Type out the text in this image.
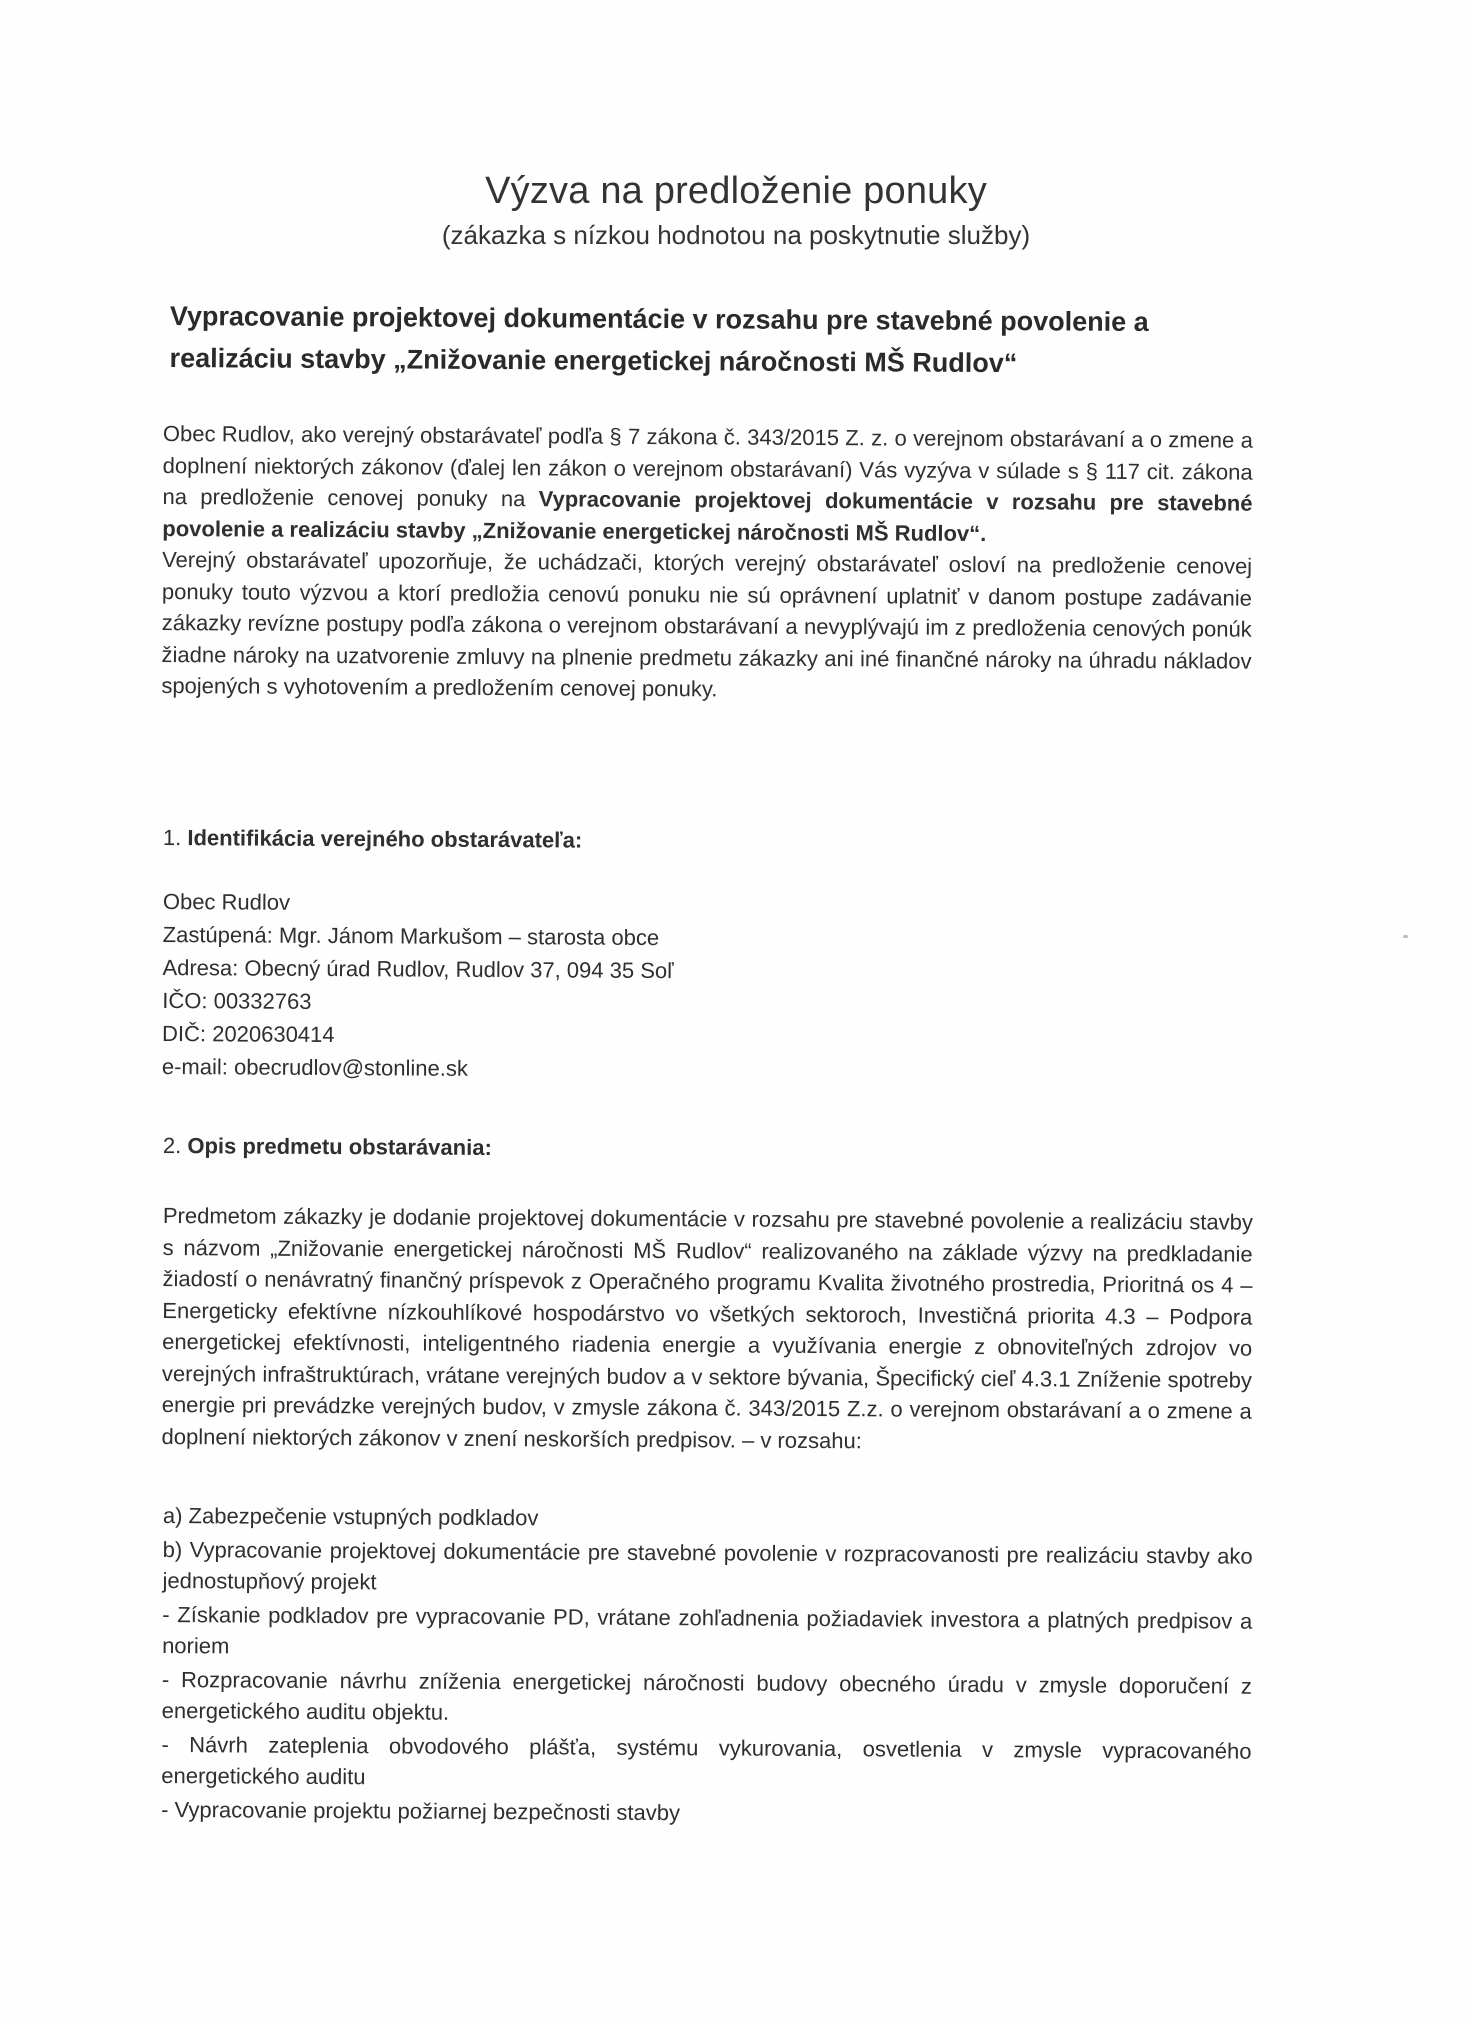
Výzva na predloženie ponuky
(zákazka s nízkou hodnotou na poskytnutie služby)
Vypracovanie projektovej dokumentácie v rozsahu pre stavebné povolenie a realizáciu stavby „Znižovanie energetickej náročnosti MŠ Rudlov“

Obec Rudlov, ako verejný obstarávateľ podľa § 7 zákona č. 343/2015 Z. z. o verejnom obstarávaní a o zmene a doplnení niektorých zákonov (ďalej len zákon o verejnom obstarávaní) Vás vyzýva v súlade s § 117 cit. zákona na predloženie cenovej ponuky na Vypracovanie projektovej dokumentácie v rozsahu pre stavebné povolenie a realizáciu stavby „Znižovanie energetickej náročnosti MŠ Rudlov“.

Verejný obstarávateľ upozorňuje, že uchádzači, ktorých verejný obstarávateľ osloví na predloženie cenovej ponuky touto výzvou a ktorí predložia cenovú ponuku nie sú oprávnení uplatniť v danom postupe zadávanie zákazky revízne postupy podľa zákona o verejnom obstarávaní a nevyplývajú im z predloženia cenových ponúk žiadne nároky na uzatvorenie zmluvy na plnenie predmetu zákazky ani iné finančné nároky na úhradu nákladov spojených s vyhotovením a predložením cenovej ponuky.

1. Identifikácia verejného obstarávateľa:
Obec Rudlov
Zastúpená: Mgr. Jánom Markušom – starosta obce
Adresa: Obecný úrad Rudlov, Rudlov 37, 094 35 Soľ
IČO: 00332763
DIČ: 2020630414
e-mail: obecrudlov@stonline.sk
2. Opis predmetu obstarávania:

Predmetom zákazky je dodanie projektovej dokumentácie v rozsahu pre stavebné povolenie a realizáciu stavby s názvom „Znižovanie energetickej náročnosti MŠ Rudlov“ realizovaného na základe výzvy na predkladanie žiadostí o nenávratný finančný príspevok z Operačného programu Kvalita životného prostredia, Prioritná os 4 – Energeticky efektívne nízkouhlíkové hospodárstvo vo všetkých sektoroch, Investičná priorita 4.3 – Podpora energetickej efektívnosti, inteligentného riadenia energie a využívania energie z obnoviteľných zdrojov vo verejných infraštruktúrach, vrátane verejných budov a v sektore bývania, Špecifický cieľ 4.3.1 Zníženie spotreby energie pri prevádzke verejných budov, v zmysle zákona č. 343/2015 Z.z. o verejnom obstarávaní a o zmene a doplnení niektorých zákonov v znení neskorších predpisov. – v rozsahu:

a) Zabezpečenie vstupných podkladov

b) Vypracovanie projektovej dokumentácie pre stavebné povolenie v rozpracovanosti pre realizáciu stavby ako jednostupňový projekt

- Získanie podkladov pre vypracovanie PD, vrátane zohľadnenia požiadaviek investora a platných predpisov a noriem

- Rozpracovanie návrhu zníženia energetickej náročnosti budovy obecného úradu v zmysle doporučení z energetického auditu objektu.

- Návrh zateplenia obvodového plášťa, systému vykurovania, osvetlenia v zmysle vypracovaného energetického auditu

- Vypracovanie projektu požiarnej bezpečnosti stavby
